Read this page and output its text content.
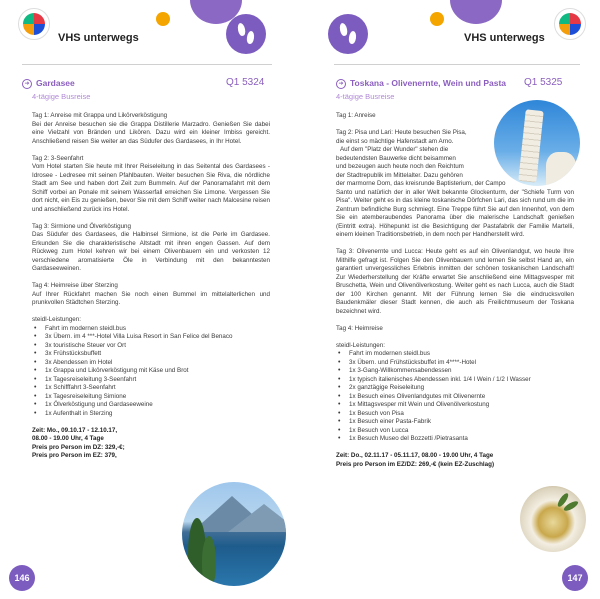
VHS unterwegs
➜ Gardasee	Q1 5324
4-tägige Busreise

Tag 1: Anreise mit Grappa und Likörverköstigung

Bei der Anreise besuchen sie die Grappa Distillerie Marzadro. Genießen Sie dabei eine Vielzahl von Bränden und Likören. Dazu wird ein kleiner Imbiss gereicht. Anschließend reisen Sie weiter an das Südufer des Gardasees, in Ihr Hotel.

Tag 2: 3-Seenfahrt

Vom Hotel starten Sie heute mit Ihrer Reiseleitung in das Seitental des Gardasees - Idrosee - Ledresee mit seinen Pfahlbauten. Weiter besuchen Sie Riva, die nördliche Stadt am See und haben dort Zeit zum Bummeln. Auf der Panoramafahrt mit dem Schiff vorbei an Ponale mit seinem Wasserfall erreichen Sie Limone. Vergessen Sie dort nicht, ein Eis zu genießen, bevor Sie mit dem Schiff weiter nach Malcesine reisen und anschließend zurück ins Hotel.

Tag 3: Sirmione und Ölverköstigung

Das Südufer des Gardasees, die Halbinsel Sirmione, ist die Perle im Gardasee. Erkunden Sie die charakteristische Altstadt mit ihren engen Gassen. Auf dem Rückweg zum Hotel kehren wir bei einem Olivenbauern ein und verkosten 12 verschiedene aromatisierte Öle in Verbindung mit den bekanntesten Gardaseeweinen.

Tag 4: Heimreise über Sterzing

Auf Ihrer Rückfahrt machen Sie noch einen Bummel im mittelalterlichen und prunkvollen Städtchen Sterzing.

steidl-Leistungen:

• Fahrt im modernen steidl.bus
• 3x Übern. im 4 ***-Hotel Villa Luisa Resort in San Felice del Benaco
• 3x touristische Steuer vor Ort
• 3x Frühstücksbuffett
• 3x Abendessen im Hotel
• 1x Grappa und Likörverköstigung mit Käse und Brot
• 1x Tagesreiseleitung 3-Seenfahrt
• 1x Schifffahrt 3-Seenfahrt
• 1x Tagesreiseleitung Simione
• 1x Ölverköstigung und Gardaseeweine
• 1x Aufenthalt in Sterzing

Zeit: Mo., 09.10.17 - 12.10.17,

08.00 - 19.00 Uhr, 4 Tage

Preis pro Person im DZ: 329,-€;

Preis pro Person im EZ: 379,

146
VHS unterwegs
➜ Toskana - Olivenernte, Wein und Pasta Q1 5325
4-tägige Busreise

Tag 1: Anreise

Tag 2: Pisa und Lari: Heute besuchen Sie Pisa,

die einst so mächtige Hafenstadt am Arno.

Auf dem "Platz der Wunder" stehen die

bedeutendsten Bauwerke dicht beisammen

und bezeugen auch heute noch den Reichtum

der Stadtrepublik im Mittelalter. Dazu gehören

der marmorne Dom, das kreisrunde Baptisterium, der Campo

Santo und natürlich der in aller Welt bekannte Glockenturm, der "Schiefe Turm von Pisa". Weiter geht es in das kleine toskanische Dörfchen Lari, das sich rund um die im Zentrum befindliche Burg schmiegt. Eine Treppe führt Sie auf den Innenhof, von dem Sie ein atemberaubendes Panorama über die malerische Landschaft genießen (Eintritt extra). Höhepunkt ist die Besichtigung der Pastafabrik der Familie Martelli, einem kleinen Traditionsbetrieb, in dem noch per Handherstellt wird.

Tag 3: Olivenernte und Lucca: Heute geht es auf ein Olivenlandgut, wo heute Ihre Mithilfe gefragt ist. Folgen Sie den Olivenbauern und lernen Sie selbst Hand an, ein garantiert unvergessliches Erlebnis inmitten der schönen toskanischen Landschaft! Zur Wiederherstellung der Kräfte erwartet Sie anschließend eine Mittagsvesper mit Bruschetta, Wein und Olivenölverkostung. Weiter geht es nach Lucca, auch die Stadt der 100 Kirchen genannt. Mit der Führung lernen Sie die eindrucksvollen Baudenkmäler dieser Stadt kennen, die auch als Freilichtmuseum der Toskana bezeichnet wird.

Tag 4: Heimreise

steidl-Leistungen:

• Fahrt im modernen steidl.bus
• 3x Übern. und Frühstücksbuffet im 4****-Hotel
• 1x 3-Gang-Willkommensabendessen
• 1x typisch italienisches Abendessen inkl. 1/4 l Wein / 1/2 l Wasser
• 2x ganztägige Reiseleitung
• 1x Besuch eines Olivenlandgutes mit Olivenernte
• 1x Mittagsvesper mit Wein und Olivenölverkostung
• 1x Besuch von Pisa
• 1x Besuch einer Pasta-Fabrik
• 1x Besuch von Lucca
• 1x Besuch Museo del Bozzetti /Pietrasanta

Zeit: Do., 02.11.17 - 05.11.17, 08.00 - 19.00 Uhr, 4 Tage

Preis pro Person im EZ/DZ: 269,-€ (kein EZ-Zuschlag)

147
